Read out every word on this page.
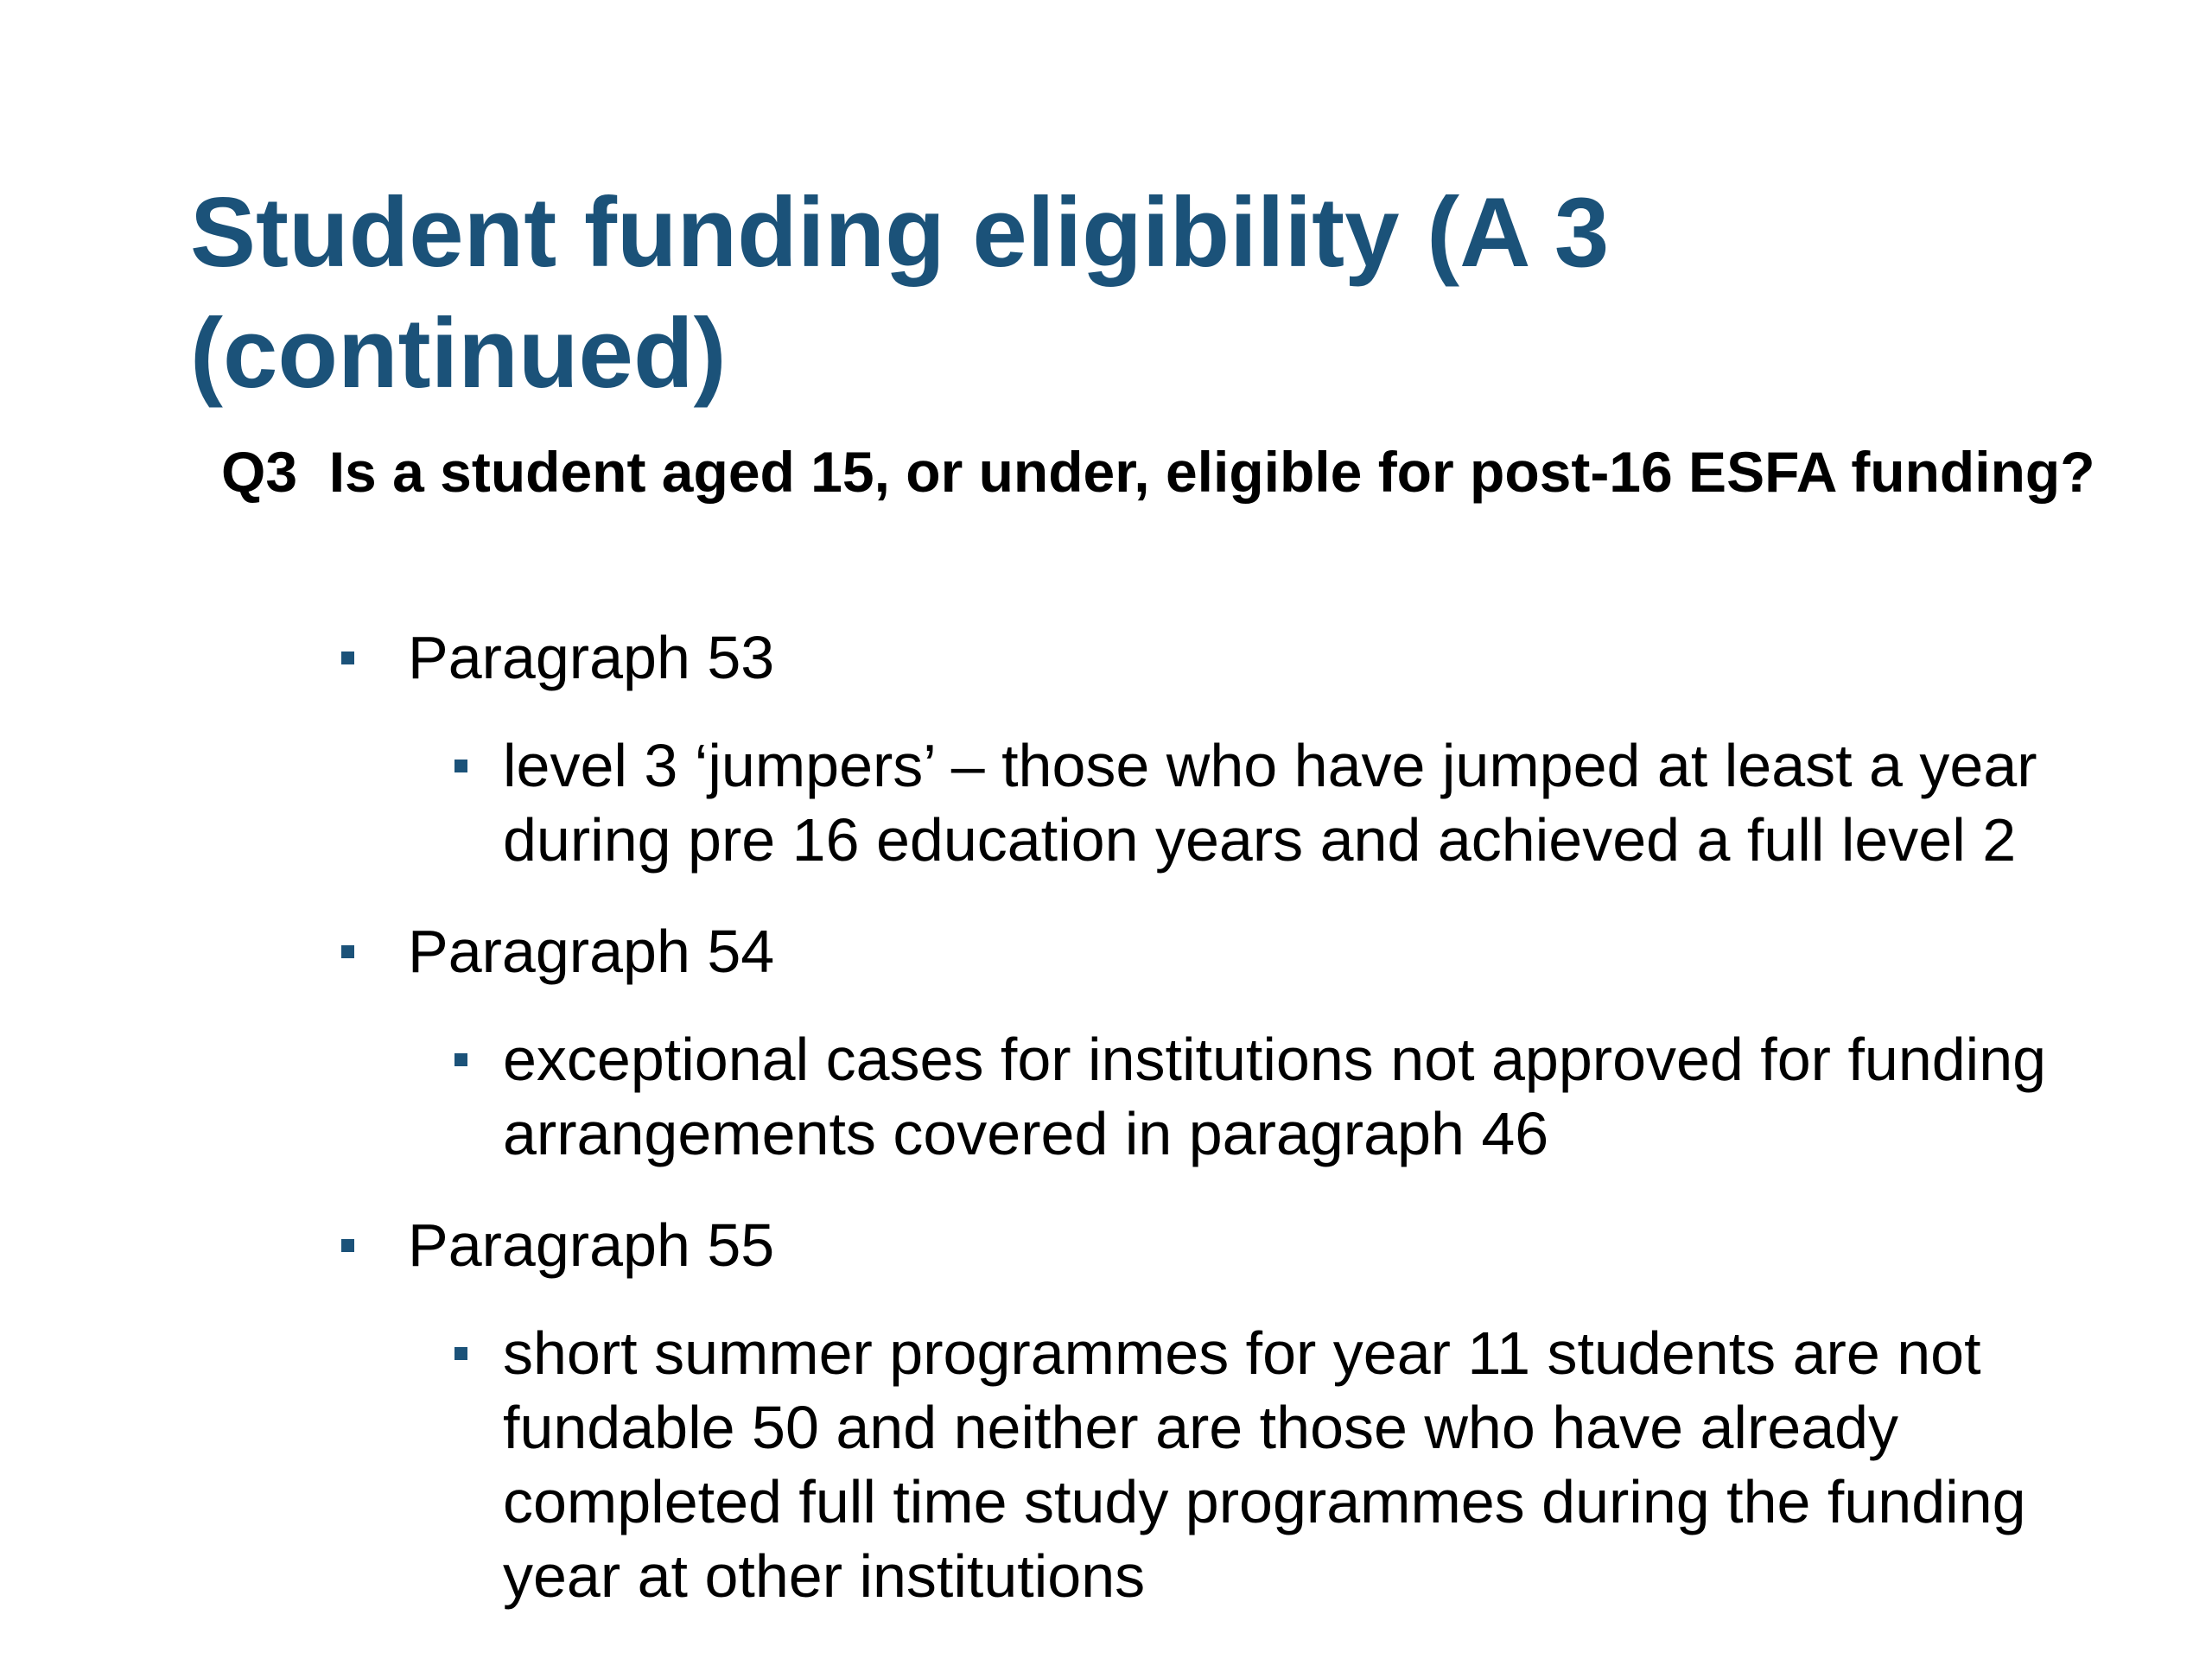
Student funding eligibility (A 3 (continued)

Q3  Is a student aged 15, or under, eligible for post-16 ESFA funding?

Paragraph 53
level 3 ‘jumpers’ – those who have jumped at least a year during pre 16 education years and achieved a full level 2
Paragraph 54
exceptional cases for institutions not approved for funding arrangements covered in paragraph 46
Paragraph 55
short summer programmes for year 11 students are not fundable 50 and neither are those who have already completed full time study programmes during the funding year at other institutions
